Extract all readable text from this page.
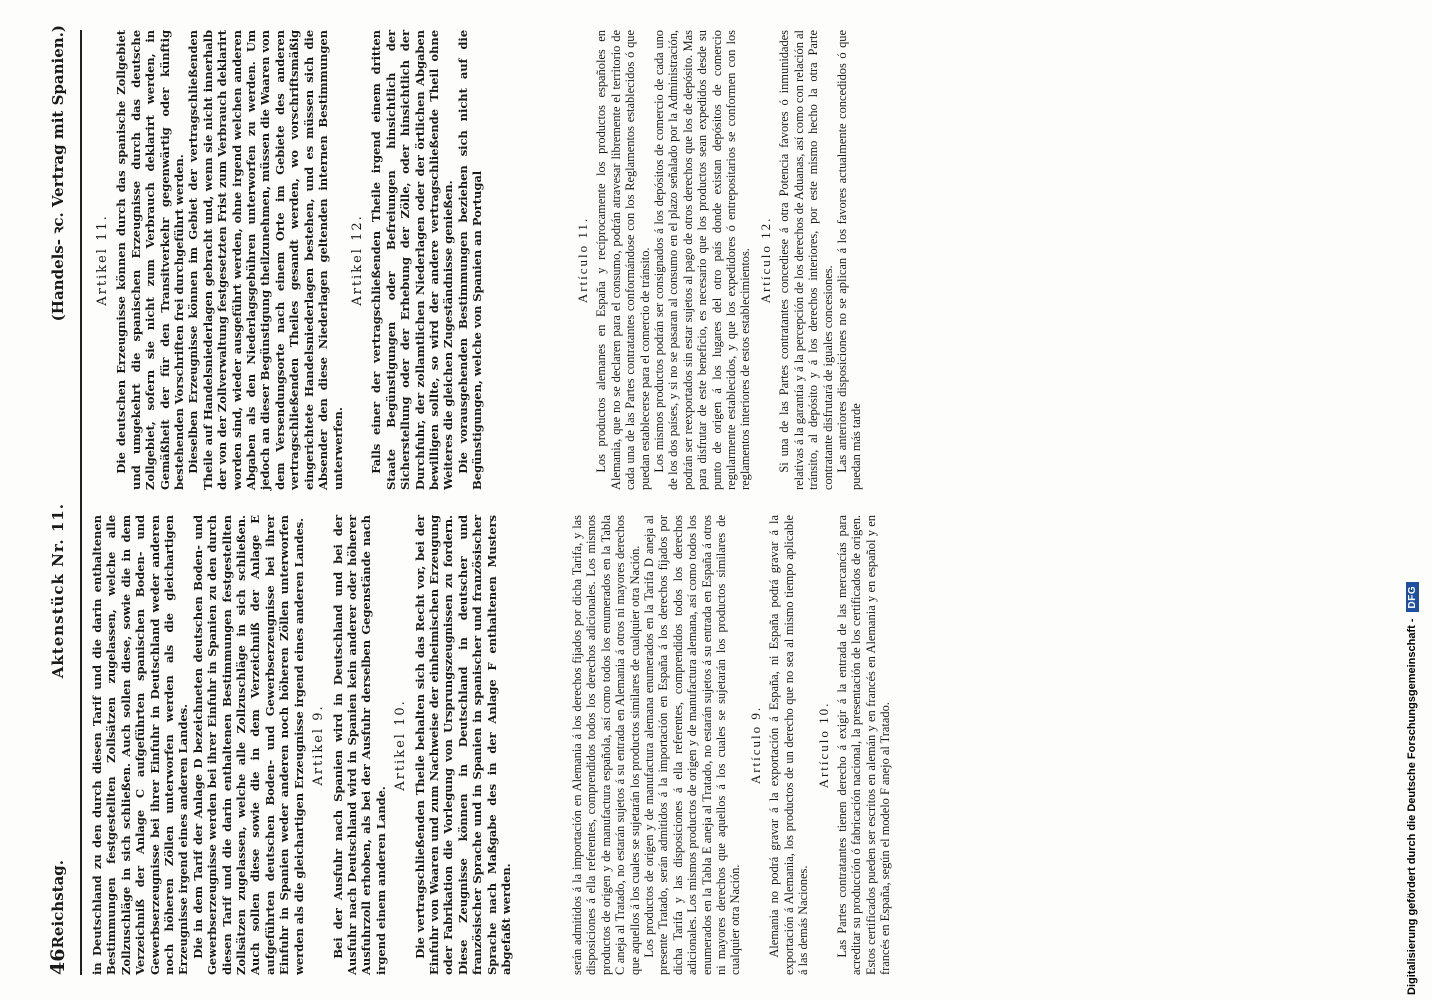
46
Reichstag.
Aktenstück Nr. 11.
(Handels- ꝛc. Vertrag mit Spanien.)

in Deutschland zu den durch diesen Tarif und die darin enthaltenen Bestimmungen festgestellten Zollsätzen zugelassen, welche alle Zollzuschläge in sich schließen. Auch sollen diese, sowie die in dem Verzeichniß der Anlage C aufgeführten spanischen Boden- und Gewerbserzeugnisse bei ihrer Einfuhr in Deutschland weder anderen noch höheren Zöllen unterworfen werden als die gleichartigen Erzeugnisse irgend eines anderen Landes. Die in dem Tarif der Anlage D bezeichneten deutschen Boden- und Gewerbserzeugnisse werden bei ihrer Einfuhr in Spanien zu den durch diesen Tarif und die darin enthaltenen Bestimmungen festgestellten Zollsätzen zugelassen, welche alle Zollzuschläge in sich schließen. Auch sollen diese sowie die in dem Verzeichniß der Anlage E aufgeführten deutschen Boden- und Gewerbserzeugnisse bei ihrer Einfuhr in Spanien weder anderen noch höheren Zöllen unterworfen werden als die gleichartigen Erzeugnisse irgend eines anderen Landes. Artikel 9. Bei der Ausfuhr nach Spanien wird in Deutschland und bei der Ausfuhr nach Deutschland wird in Spanien kein anderer oder höherer Ausfuhrzoll erhoben, als bei der Ausfuhr derselben Gegenstände nach irgend einem anderen Lande.

Artikel 10. Die vertragschließenden Theile behalten sich das Recht vor, bei der Einfuhr von Waaren und zum Nachweise der einheimischen Erzeugung oder Fabrikation die Vorlegung von Ursprungszeugnissen zu fordern. Diese Zeugnisse können in Deutschland in deutscher und französischer Sprache und in Spanien in spanischer und französischer Sprache nach Maßgabe des in der Anlage F enthaltenen Musters abgefaßt werden.	serán admitidos á la importación en Alemania á los derechos fijados por dicha Tarifa, y las disposiciones á ella referentes, comprendidos todos los derechos adicionales. Los mismos productos de origen y de manufactura española, así como todos los enumerados en la Tabla C aneja al Tratado, no estarán sujetos á su entrada en Alemania á otros ni mayores derechos que aquellos á los cuales se sujetarán los productos similares de cualquier otra Nación. Los productos de origen y de manufactura alemana enumerados en la Tarifa D aneja al presente Tratado, serán admitidos á la importación en España á los derechos fijados por dicha Tarifa y las disposiciones á ella referentes, comprendidos todos los derechos adicionales. Los mismos productos de origen y de manufactura alemana, así como todos los enumerados en la Tabla E aneja al Tratado, no estarán sujetos á su entrada en España á otros ni mayores derechos que aquellos á los cuales se sujetarán los productos similares de cualquier otra Nación.

Artículo 9. Alemania no podrá gravar á la exportación á España, ni España podrá gravar á la exportación á Alemania, los productos de un derecho que no sea al mismo tiempo aplicable á las demás Naciones.

Artículo 10. Las Partes contratantes tienen derecho á exigir á la entrada de las mercancías para acreditar su producción ó fabricación nacional, la presentación de los certificados de origen. Estos certificados pueden ser escritos en alemán y en francés en Alemania y en español y en francés en España, según el modelo F anejo al Tratado.

Artikel 11. Die deutschen Erzeugnisse können durch das spanische Zollgebiet und umgekehrt die spanischen Erzeugnisse durch das deutsche Zollgebiet, sofern sie nicht zum Verbrauch deklarirt werden, in Gemäßheit der für den Transitverkehr gegenwärtig oder künftig bestehenden Vorschriften frei durchgeführt werden. Dieselben Erzeugnisse können im Gebiet der vertragschließenden Theile auf Handelsniederlagen gebracht und, wenn sie nicht innerhalb der von der Zollverwaltung festgesetzten Frist zum Verbrauch deklarirt worden sind, wieder ausgeführt werden, ohne irgend welchen anderen Abgaben als den Niederlagsgebühren unterworfen zu werden. Um jedoch an dieser Begünstigung theilzunehmen, müssen die Waaren von dem Versendungsorte nach einem Orte im Gebiete des anderen vertragschließenden Theiles gesandt werden, wo vorschriftsmäßig eingerichtete Handelsniederlagen bestehen, und es müssen sich die Absender den diese Niederlagen geltenden internen Bestimmungen unterwerfen.

Artikel 12. Falls einer der vertragschließenden Theile irgend einem dritten Staate Begünstigungen oder Befreiungen hinsichtlich der Sicherstellung oder der Erhebung der Zölle, oder hinsichtlich der Durchfuhr, der zollamtlichen Niederlagen oder der örtlichen Abgaben bewilligen sollte, so wird der andere vertragschließende Theil ohne Weiteres die gleichen Zugeständnisse genießen. Die vorausgehenden Bestimmungen beziehen sich nicht auf die Begünstigungen, welche von Spanien an Portugal	Artículo 11. Los productos alemanes en España y recíprocamente los productos españoles en Alemania, que no se declaren para el consumo, podrán atravesar libremente el territorio de cada una de las Partes contratantes conformándose con los Reglamentos establecidos ó que puedan establecerse para el comercio de tránsito. Los mismos productos podrán ser consignados á los depósitos de comercio de cada uno de los dos países, y si no se pasaran al consumo en el plazo señalado por la Administración, podrán ser reexportados sin estar sujetos al pago de otros derechos que los de depósito. Mas para disfrutar de este beneficio, es necesario que los productos sean expedidos desde su punto de origen á los lugares del otro país donde existan depósitos de comercio regularmente establecidos, y que los expedidores ó entrepositarios se conformen con los reglamentos interiores de estos establecimientos. Artículo 12. Si una de las Partes contratantes concediese á otra Potencia favores ó inmunidades relativas á la garantía y á la percepción de los derechos de Aduanas, así como con relación al tránsito, al depósito y á los derechos interiores, por este mismo hecho la otra Parte contratante disfrutará de iguales concesiones. Las anteriores disposiciones no se aplican á los favores actualmente concedidos ó que puedan más tarde

Digitalisierung gefördert durch die Deutsche Forschungsgemeinschaft -
DFG
